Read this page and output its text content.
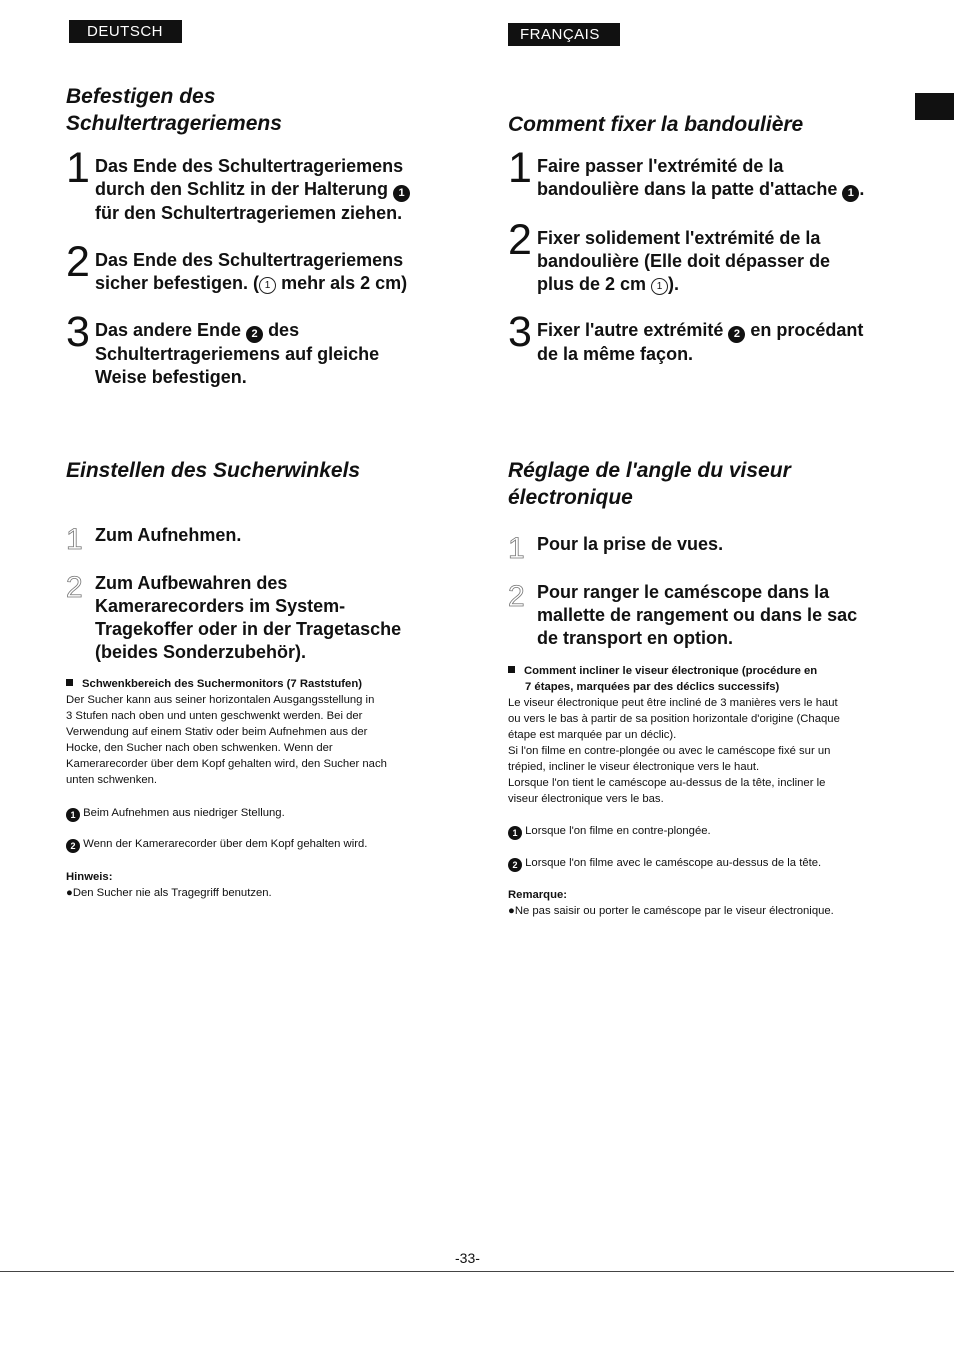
DEUTSCH
Befestigen des
Schultertrageriemens
1 Das Ende des Schultertrageriemens
durch den Schlitz in der Halterung 1
für den Schultertrageriemen ziehen.
2 Das Ende des Schultertrageriemens
sicher befestigen. ( 1 mehr als 2 cm)
3 Das andere Ende 2 des
Schultertrageriemens auf gleiche
Weise befestigen.
Einstellen des Sucherwinkels
1 Zum Aufnehmen.
2 Zum Aufbewahren des
Kamerarecorders im System-
Tragekoffer oder in der Tragetasche
(beides Sonderzubehör).
Schwenkbereich des Suchermonitors (7 Raststufen)
Der Sucher kann aus seiner horizontalen Ausgangsstellung in
3 Stufen nach oben und unten geschwenkt werden. Bei der
Verwendung auf einem Stativ oder beim Aufnehmen aus der
Hocke, den Sucher nach oben schwenken. Wenn der
Kamerarecorder über dem Kopf gehalten wird, den Sucher nach
unten schwenken.
1 Beim Aufnehmen aus niedriger Stellung.
2 Wenn der Kamerarecorder über dem Kopf gehalten wird.
Hinweis:
●Den Sucher nie als Tragegriff benutzen.
FRANÇAIS
Comment fixer la bandoulière
1 Faire passer l'extrémité de la
bandoulière dans la patte d'attache 1 .
2 Fixer solidement l'extrémité de la
bandoulière (Elle doit dépasser de
plus de 2 cm 1 ).
3 Fixer l'autre extrémité 2 en procédant
de la même façon.
Réglage de l'angle du viseur
électronique
1 Pour la prise de vues.
2 Pour ranger le caméscope dans la
mallette de rangement ou dans le sac
de transport en option.
Comment incliner le viseur électronique (procédure en
7 étapes, marquées par des déclics successifs)
Le viseur électronique peut être incliné de 3 manières vers le haut
ou vers le bas à partir de sa position horizontale d'origine (Chaque
étape est marquée par un déclic).
Si l'on filme en contre-plongée ou avec le caméscope fixé sur un
trépied, incliner le viseur électronique vers le haut.
Lorsque l'on tient le caméscope au-dessus de la tête, incliner le
viseur électronique vers le bas.
1 Lorsque l'on filme en contre-plongée.
2 Lorsque l'on filme avec le caméscope au-dessus de la tête.
Remarque:
●Ne pas saisir ou porter le caméscope par le viseur électronique.
-33-
